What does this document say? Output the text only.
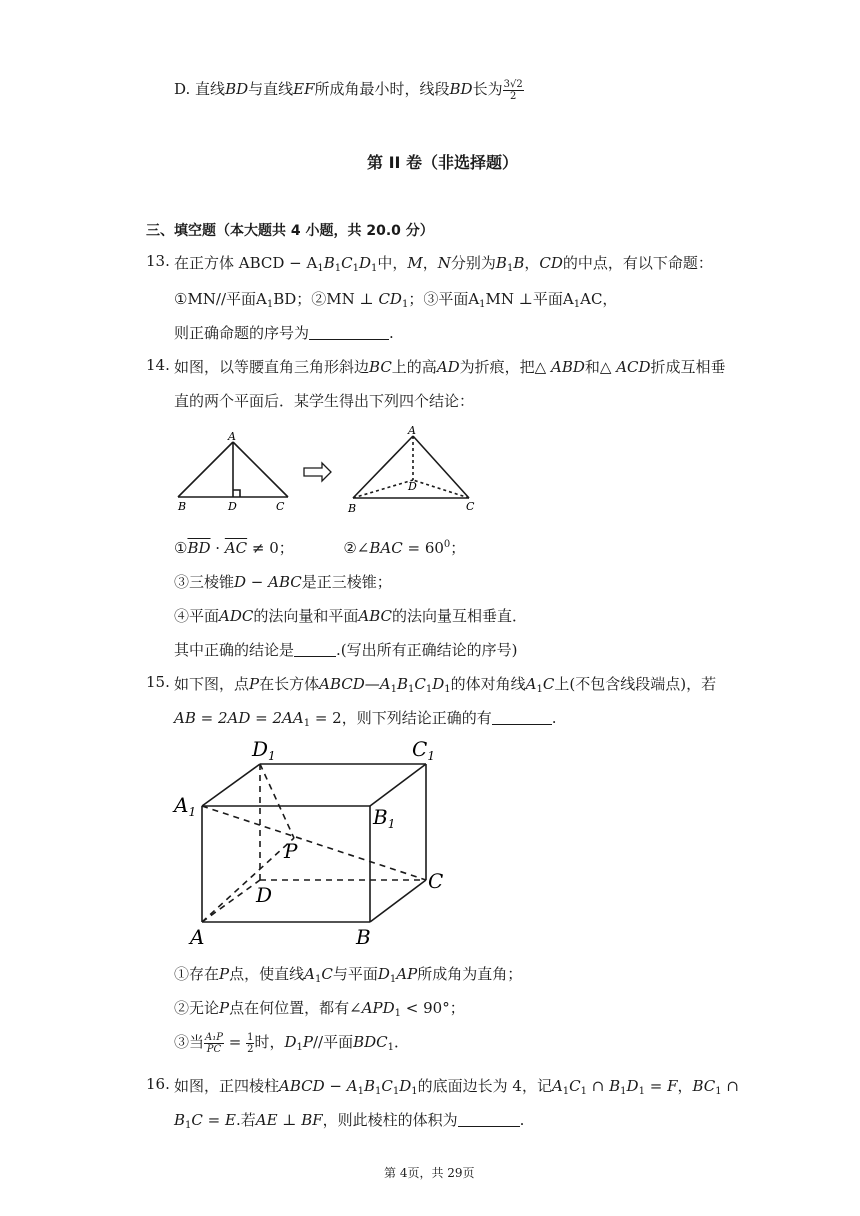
D. 直线BD与直线EF所成角最小时，线段BD长为 $\frac{3√2}{2}$
第 II 卷（非选择题）
三、填空题（本大题共 4 小题，共 20.0 分）
13. 在正方体 ABCD − $A_1B_1C_1D_1$中，M，N分别为$B_1B$，CD的中点，有以下命题：
①MN//平面$A_1BD$；②MN ⊥ $CD_1$；③平面$A_1MN$ ⊥平面$A_1AC$，
则正确命题的序号为	.
14. 如图，以等腰直角三角形斜边BC上的高AD为折痕，把△ ABD和△ ACD折成互相垂
直的两个平面后．某学生得出下列四个结论：
A
B	D	C
A
D
B	C
$①\overline{BD} \cdot \overline{AC} \ne 0$；	②∠BAC = $60^0$；
③三棱锥D − ABC是正三棱锥；
④平面ADC的法向量和平面ABC的法向量互相垂直．
其中正确的结论是	.(写出所有正确结论的序号)
15. 如下图，点P在长方体$ABCD—A_1B_1C_1D_1$的体对角线$A_1C$上(不包含线段端点)，若
AB = $2AD = 2AA_1 = 2$，则下列结论正确的有	.
$D_1$	$C_1$
$A_1$	$B_1$
P
D
C
A	B
①存在P点，使直线$A_1C$与平面$D_1AP$所成角为直角；
②无论P点在何位置，都有$\angle APD_1 < 90^\circ$；
③当 $\frac{\text{A₁P}}{PC} = \frac{1}{2}$ 时，$D_1P//$平面$BDC_1$．
16. 如图，正四棱柱ABCD − $A_1B_1C_1D_1$的底面边长为 4，记$A_1C_1$ ∩ $B_1D_1 = F$，$BC_1$ ∩
$B_1C = E$.若AE ⊥ BF，则此棱柱的体积为	.
第 4页，共 29页
